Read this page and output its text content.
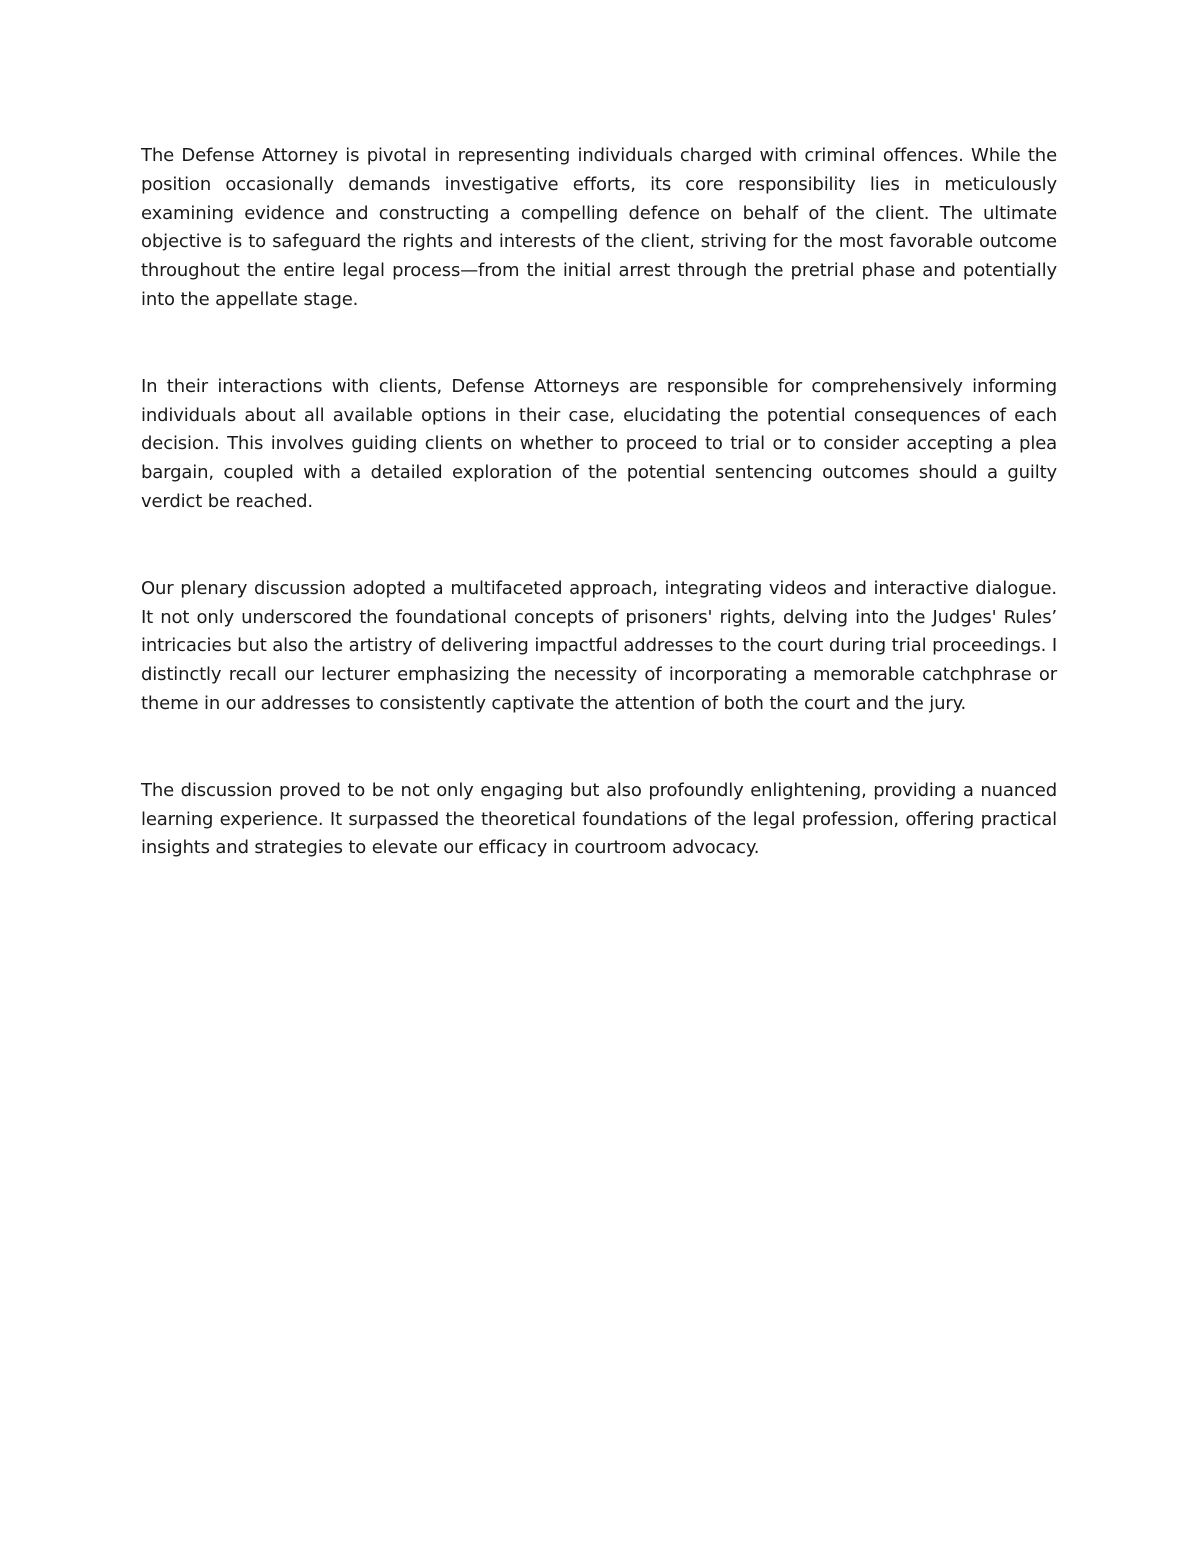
The Defense Attorney is pivotal in representing individuals charged with criminal offences. While the position occasionally demands investigative efforts, its core responsibility lies in meticulously examining evidence and constructing a compelling defence on behalf of the client. The ultimate objective is to safeguard the rights and interests of the client, striving for the most favorable outcome throughout the entire legal process—from the initial arrest through the pretrial phase and potentially into the appellate stage.

In their interactions with clients, Defense Attorneys are responsible for comprehensively informing individuals about all available options in their case, elucidating the potential consequences of each decision. This involves guiding clients on whether to proceed to trial or to consider accepting a plea bargain, coupled with a detailed exploration of the potential sentencing outcomes should a guilty verdict be reached.

Our plenary discussion adopted a multifaceted approach, integrating videos and interactive dialogue. It not only underscored the foundational concepts of prisoners' rights, delving into the Judges' Rules’ intricacies but also the artistry of delivering impactful addresses to the court during trial proceedings. I distinctly recall our lecturer emphasizing the necessity of incorporating a memorable catchphrase or theme in our addresses to consistently captivate the attention of both the court and the jury.

The discussion proved to be not only engaging but also profoundly enlightening, providing a nuanced learning experience. It surpassed the theoretical foundations of the legal profession, offering practical insights and strategies to elevate our efficacy in courtroom advocacy.
